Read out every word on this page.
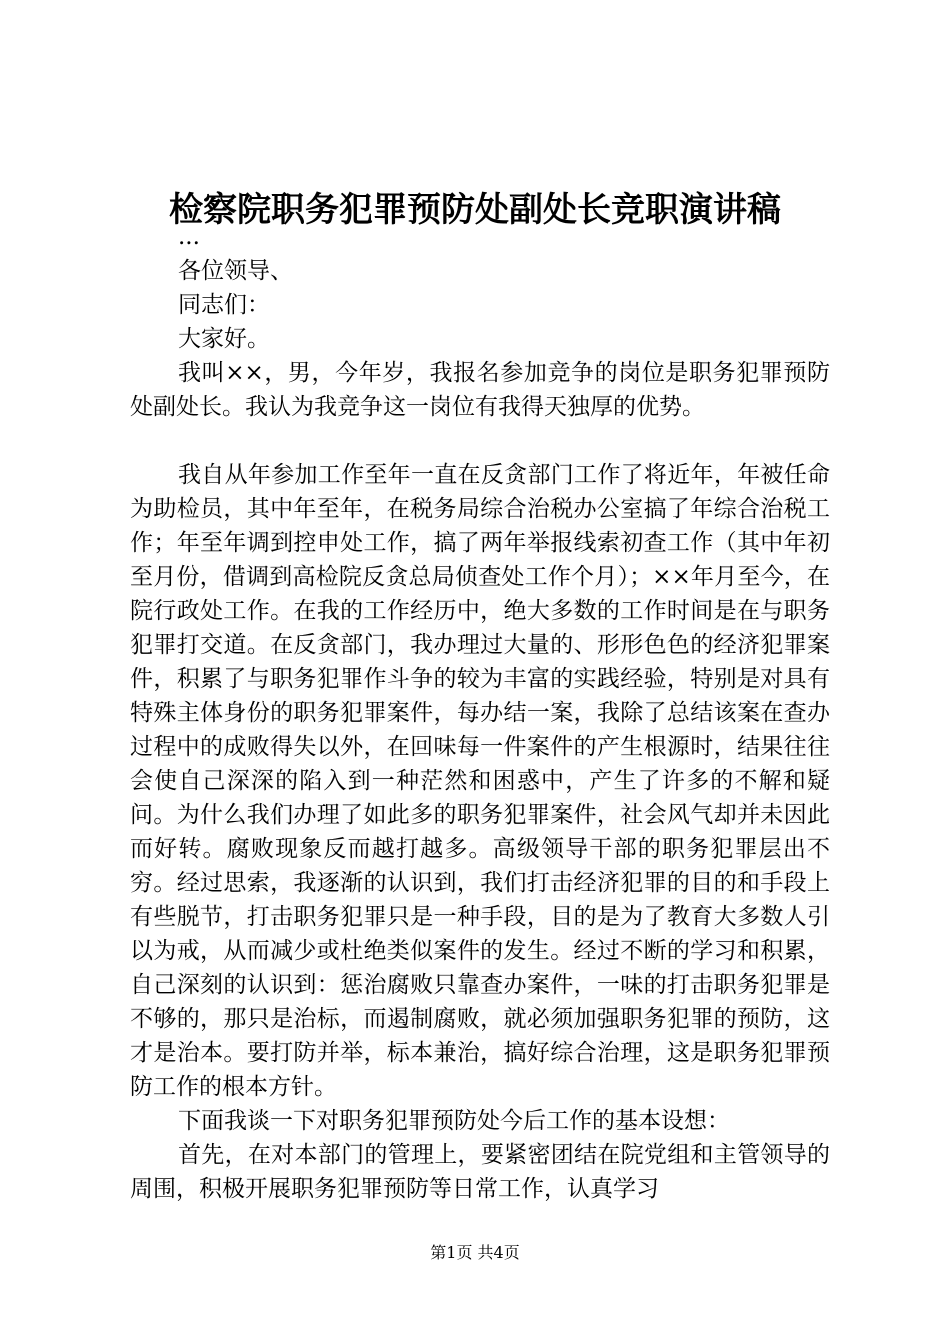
检察院职务犯罪预防处副处长竞职演讲稿

...

各位领导、

同志们：

大家好。

我叫××，男，今年岁，我报名参加竞争的岗位是职务犯罪预防处副处长。我认为我竞争这一岗位有我得天独厚的优势。

我自从年参加工作至年一直在反贪部门工作了将近年，年被任命为助检员，其中年至年，在税务局综合治税办公室搞了年综合治税工作；年至年调到控申处工作，搞了两年举报线索初查工作（其中年初至月份，借调到高检院反贪总局侦查处工作个月）；××年月至今，在院行政处工作。在我的工作经历中，绝大多数的工作时间是在与职务犯罪打交道。在反贪部门，我办理过大量的、形形色色的经济犯罪案件，积累了与职务犯罪作斗争的较为丰富的实践经验，特别是对具有特殊主体身份的职务犯罪案件，每办结一案，我除了总结该案在查办过程中的成败得失以外，在回味每一件案件的产生根源时，结果往往会使自己深深的陷入到一种茫然和困惑中，产生了许多的不解和疑问。为什么我们办理了如此多的职务犯罪案件，社会风气却并未因此而好转。腐败现象反而越打越多。高级领导干部的职务犯罪层出不穷。经过思索，我逐渐的认识到，我们打击经济犯罪的目的和手段上有些脱节，打击职务犯罪只是一种手段，目的是为了教育大多数人引以为戒，从而减少或杜绝类似案件的发生。经过不断的学习和积累，自己深刻的认识到：惩治腐败只靠查办案件，一味的打击职务犯罪是不够的，那只是治标，而遏制腐败，就必须加强职务犯罪的预防，这才是治本。要打防并举，标本兼治，搞好综合治理，这是职务犯罪预防工作的根本方针。

下面我谈一下对职务犯罪预防处今后工作的基本设想：

首先，在对本部门的管理上，要紧密团结在院党组和主管领导的周围，积极开展职务犯罪预防等日常工作，认真学习

第1页 共4页
